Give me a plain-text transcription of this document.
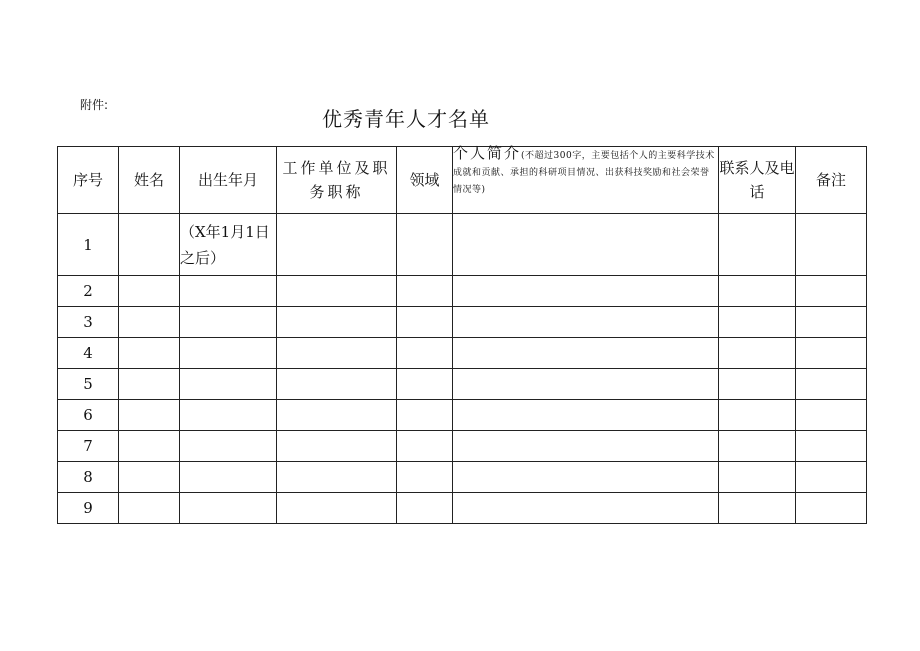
附件:
优秀青年人才名单
序号	姓名	出生年月	工作单位及职务职称	领域	个人简介(不超过300字，主要包括个人的主要科学技术成就和贡献、承担的科研项目情况、出获科技奖励和社会荣誉情况等)	联系人及电话	备注
1		（X年1月1日之后）					
2							
3							
4							
5							
6							
7							
8							
9							
